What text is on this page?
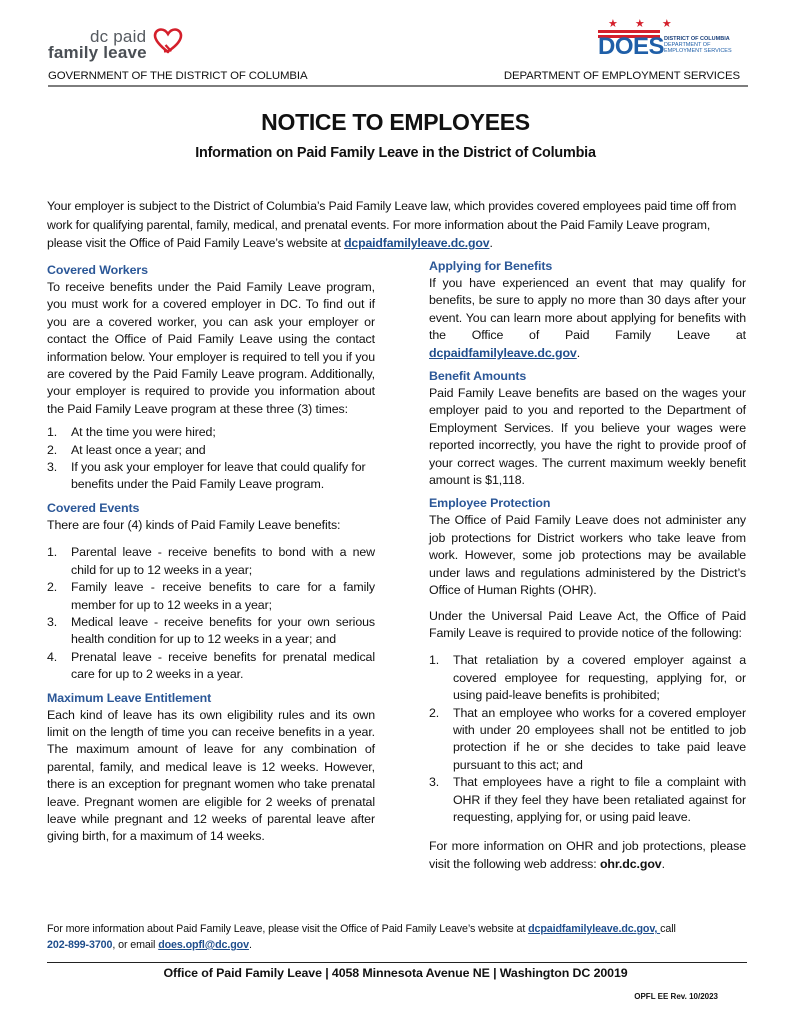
dc paid
family leave
★ ★ ★
DOES DISTRICT OF COLUMBIA
DEPARTMENT OF
EMPLOYMENT SERVICES
GOVERNMENT OF THE DISTRICT OF COLUMBIA	DEPARTMENT OF EMPLOYMENT SERVICES
NOTICE TO EMPLOYEES
Information on Paid Family Leave in the District of Columbia
Your employer is subject to the District of Columbia’s Paid Family Leave law, which provides covered employees paid time off from work for qualifying parental, family, medical, and prenatal events. For more information about the Paid Family Leave program, please visit the Office of Paid Family Leave’s website at dcpaidfamilyleave.dc.gov.
Covered Workers

To receive benefits under the Paid Family Leave program, you must work for a covered employer in DC. To find out if you are a covered worker, you can ask your employer or contact the Office of Paid Family Leave using the contact information below. Your employer is required to tell you if you are covered by the Paid Family Leave program. Additionally, your employer is required to provide you information about the Paid Family Leave program at these three (3) times:

1. At the time you were hired;
2. At least once a year; and
3. If you ask your employer for leave that could qualify for benefits under the Paid Family Leave program.
Covered Events

There are four (4) kinds of Paid Family Leave benefits:

1. Parental leave - receive benefits to bond with a new child for up to 12 weeks in a year;
2. Family leave - receive benefits to care for a family member for up to 12 weeks in a year;
3. Medical leave - receive benefits for your own serious health condition for up to 12 weeks in a year; and
4. Prenatal leave - receive benefits for prenatal medical care for up to 2 weeks in a year.
Maximum Leave Entitlement

Each kind of leave has its own eligibility rules and its own limit on the length of time you can receive benefits in a year. The maximum amount of leave for any combination of parental, family, and medical leave is 12 weeks. However, there is an exception for pregnant women who take prenatal leave. Pregnant women are eligible for 2 weeks of prenatal leave while pregnant and 12 weeks of parental leave after giving birth, for a maximum of 14 weeks.

Applying for Benefits

If you have experienced an event that may qualify for benefits, be sure to apply no more than 30 days after your event. You can learn more about applying for benefits with the Office of Paid Family Leave at dcpaidfamilyleave.dc.gov.

Benefit Amounts

Paid Family Leave benefits are based on the wages your employer paid to you and reported to the Department of Employment Services. If you believe your wages were reported incorrectly, you have the right to provide proof of your correct wages. The current maximum weekly benefit amount is $1,118.

Employee Protection

The Office of Paid Family Leave does not administer any job protections for District workers who take leave from work. However, some job protections may be available under laws and regulations administered by the District’s Office of Human Rights (OHR).

Under the Universal Paid Leave Act, the Office of Paid Family Leave is required to provide notice of the following:

1. That retaliation by a covered employer against a covered employee for requesting, applying for, or using paid-leave benefits is prohibited;
2. That an employee who works for a covered employer with under 20 employees shall not be entitled to job protection if he or she decides to take paid leave pursuant to this act; and
3. That employees have a right to file a complaint with OHR if they feel they have been retaliated against for requesting, applying for, or using paid leave.

For more information on OHR and job protections, please visit the following web address: ohr.dc.gov.

For more information about Paid Family Leave, please visit the Office of Paid Family Leave’s website at dcpaidfamilyleave.dc.gov, call
202-899-3700, or email does.opfl@dc.gov.
Office of Paid Family Leave | 4058 Minnesota Avenue NE | Washington DC 20019
OPFL EE Rev. 10/2023
